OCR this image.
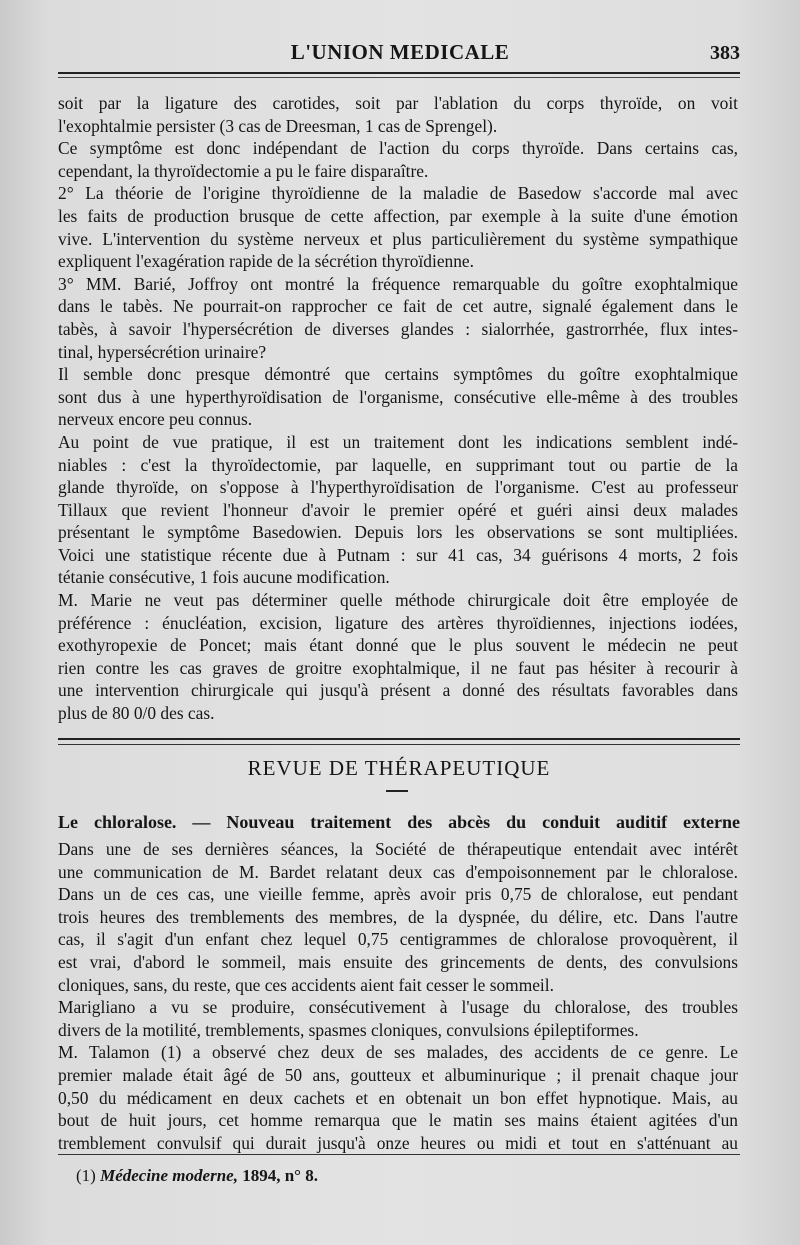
L'UNION MEDICALE	383

soit par la ligature des carotides, soit par l'ablation du corps thyroïde, on voit

l'exophtalmie persister (3 cas de Dreesman, 1 cas de Sprengel).

Ce symptôme est donc indépendant de l'action du corps thyroïde. Dans certains cas,

cependant, la thyroïdectomie a pu le faire disparaître.

2° La théorie de l'origine thyroïdienne de la maladie de Basedow s'accorde mal avec

les faits de production brusque de cette affection, par exemple à la suite d'une émotion

vive. L'intervention du système nerveux et plus particulièrement du système sympathique

expliquent l'exagération rapide de la sécrétion thyroïdienne.

3° MM. Barié, Joffroy ont montré la fréquence remarquable du goître exophtalmique

dans le tabès. Ne pourrait-on rapprocher ce fait de cet autre, signalé également dans le

tabès, à savoir l'hypersécrétion de diverses glandes : sialorrhée, gastrorrhée, flux intes-

tinal, hypersécrétion urinaire?

Il semble donc presque démontré que certains symptômes du goître exophtalmique

sont dus à une hyperthyroïdisation de l'organisme, consécutive elle-même à des troubles

nerveux encore peu connus.

Au point de vue pratique, il est un traitement dont les indications semblent indé-

niables : c'est la thyroïdectomie, par laquelle, en supprimant tout ou partie de la

glande thyroïde, on s'oppose à l'hyperthyroïdisation de l'organisme. C'est au professeur

Tillaux que revient l'honneur d'avoir le premier opéré et guéri ainsi deux malades

présentant le symptôme Basedowien. Depuis lors les observations se sont multipliées.

Voici une statistique récente due à Putnam : sur 41 cas, 34 guérisons 4 morts, 2 fois

tétanie consécutive, 1 fois aucune modification.

M. Marie ne veut pas déterminer quelle méthode chirurgicale doit être employée de

préférence : énucléation, excision, ligature des artères thyroïdiennes, injections iodées,

exothyropexie de Poncet; mais étant donné que le plus souvent le médecin ne peut

rien contre les cas graves de groitre exophtalmique, il ne faut pas hésiter à recourir à

une intervention chirurgicale qui jusqu'à présent a donné des résultats favorables dans

plus de 80 0/0 des cas.

REVUE DE THÉRAPEUTIQUE
Le chloralose. — Nouveau traitement des abcès du conduit auditif externe

Dans une de ses dernières séances, la Société de thérapeutique entendait avec intérêt

une communication de M. Bardet relatant deux cas d'empoisonnement par le chloralose.

Dans un de ces cas, une vieille femme, après avoir pris 0,75 de chloralose, eut pendant

trois heures des tremblements des membres, de la dyspnée, du délire, etc. Dans l'autre

cas, il s'agit d'un enfant chez lequel 0,75 centigrammes de chloralose provoquèrent, il

est vrai, d'abord le sommeil, mais ensuite des grincements de dents, des convulsions

cloniques, sans, du reste, que ces accidents aient fait cesser le sommeil.

Marigliano a vu se produire, consécutivement à l'usage du chloralose, des troubles

divers de la motilité, tremblements, spasmes cloniques, convulsions épileptiformes.

M. Talamon (1) a observé chez deux de ses malades, des accidents de ce genre. Le

premier malade était âgé de 50 ans, goutteux et albuminurique ; il prenait chaque jour

0,50 du médicament en deux cachets et en obtenait un bon effet hypnotique. Mais, au

bout de huit jours, cet homme remarqua que le matin ses mains étaient agitées d'un

tremblement convulsif qui durait jusqu'à onze heures ou midi et tout en s'atténuant au

(1) Médecine moderne, 1894, n° 8.
